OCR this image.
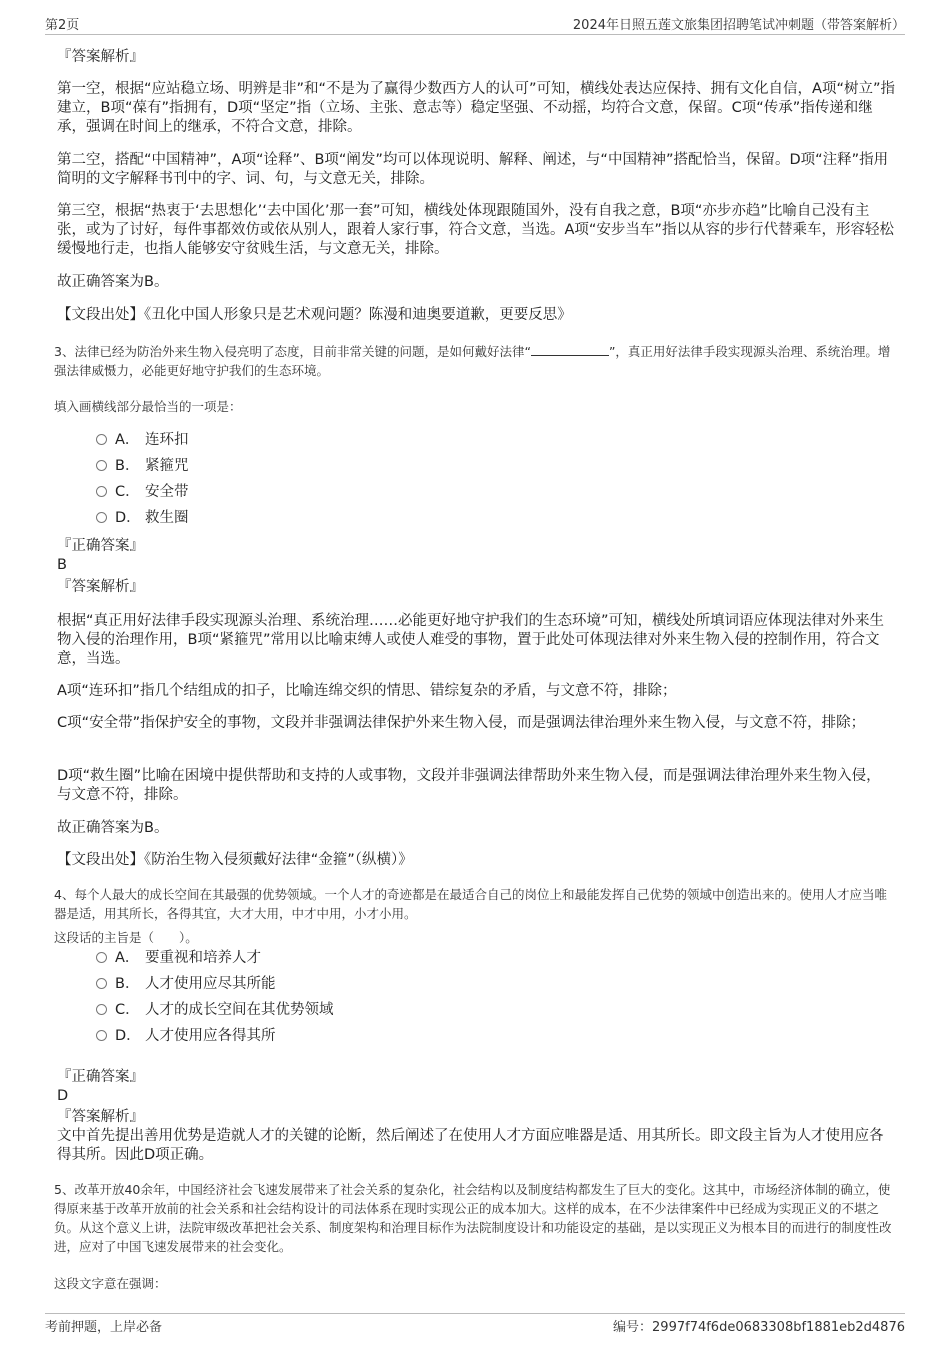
第2页	2024年日照五莲文旅集团招聘笔试冲刺题（带答案解析）
『答案解析』
第一空，根据“应站稳立场、明辨是非”和“不是为了赢得少数西方人的认可”可知，横线处表达应保持、拥有文化自信，A项“树立”指建立，B项“葆有”指拥有，D项“坚定”指（立场、主张、意志等）稳定坚强、不动摇，均符合文意，保留。C项“传承”指传递和继承，强调在时间上的继承，不符合文意，排除。
第二空，搭配“中国精神”，A项“诠释”、B项“阐发”均可以体现说明、解释、阐述，与“中国精神”搭配恰当，保留。D项“注释”指用简明的文字解释书刊中的字、词、句，与文意无关，排除。
第三空，根据“热衷于‘去思想化’‘去中国化’那一套”可知，横线处体现跟随国外，没有自我之意，B项“亦步亦趋”比喻自己没有主张，或为了讨好，每件事都效仿或依从别人，跟着人家行事，符合文意，当选。A项“安步当车”指以从容的步行代替乘车，形容轻松缓慢地行走，也指人能够安守贫贱生活，与文意无关，排除。
故正确答案为B。
【文段出处】《丑化中国人形象只是艺术观问题？陈漫和迪奥要道歉，更要反思》
3、法律已经为防治外来生物入侵亮明了态度，目前非常关键的问题，是如何戴好法律“	”，真正用好法律手段实现源头治理、系统治理。增强法律威慑力，必能更好地守护我们的生态环境。
填入画横线部分最恰当的一项是：
A． 连环扣
B． 紧箍咒
C． 安全带
D． 救生圈
『正确答案』
B
『答案解析』
根据“真正用好法律手段实现源头治理、系统治理……必能更好地守护我们的生态环境”可知，横线处所填词语应体现法律对外来生物入侵的治理作用，B项“紧箍咒”常用以比喻束缚人或使人难受的事物，置于此处可体现法律对外来生物入侵的控制作用，符合文意，当选。
A项“连环扣”指几个结组成的扣子，比喻连绵交织的情思、错综复杂的矛盾，与文意不符，排除；
C项“安全带”指保护安全的事物，文段并非强调法律保护外来生物入侵，而是强调法律治理外来生物入侵，与文意不符，排除；
D项“救生圈”比喻在困境中提供帮助和支持的人或事物，文段并非强调法律帮助外来生物入侵，而是强调法律治理外来生物入侵，与文意不符，排除。
故正确答案为B。
【文段出处】《防治生物入侵须戴好法律“金箍”（纵横）》
4、每个人最大的成长空间在其最强的优势领域。一个人才的奇迹都是在最适合自己的岗位上和最能发挥自己优势的领域中创造出来的。使用人才应当唯器是适，用其所长，各得其宜，大才大用，中才中用，小才小用。
这段话的主旨是（　　）。
A． 要重视和培养人才
B． 人才使用应尽其所能
C． 人才的成长空间在其优势领域
D． 人才使用应各得其所
『正确答案』
D
『答案解析』
文中首先提出善用优势是造就人才的关键的论断，然后阐述了在使用人才方面应唯器是适、用其所长。即文段主旨为人才使用应各得其所。因此D项正确。
5、改革开放40余年，中国经济社会飞速发展带来了社会关系的复杂化，社会结构以及制度结构都发生了巨大的变化。这其中，市场经济体制的确立，使得原来基于改革开放前的社会关系和社会结构设计的司法体系在现时实现公正的成本加大。这样的成本，在不少法律案件中已经成为实现正义的不堪之负。从这个意义上讲，法院审级改革把社会关系、制度架构和治理目标作为法院制度设计和功能设定的基础，是以实现正义为根本目的而进行的制度性改进，应对了中国飞速发展带来的社会变化。
这段文字意在强调：
考前押题，上岸必备	编号：2997f74f6de0683308bf1881eb2d4876
